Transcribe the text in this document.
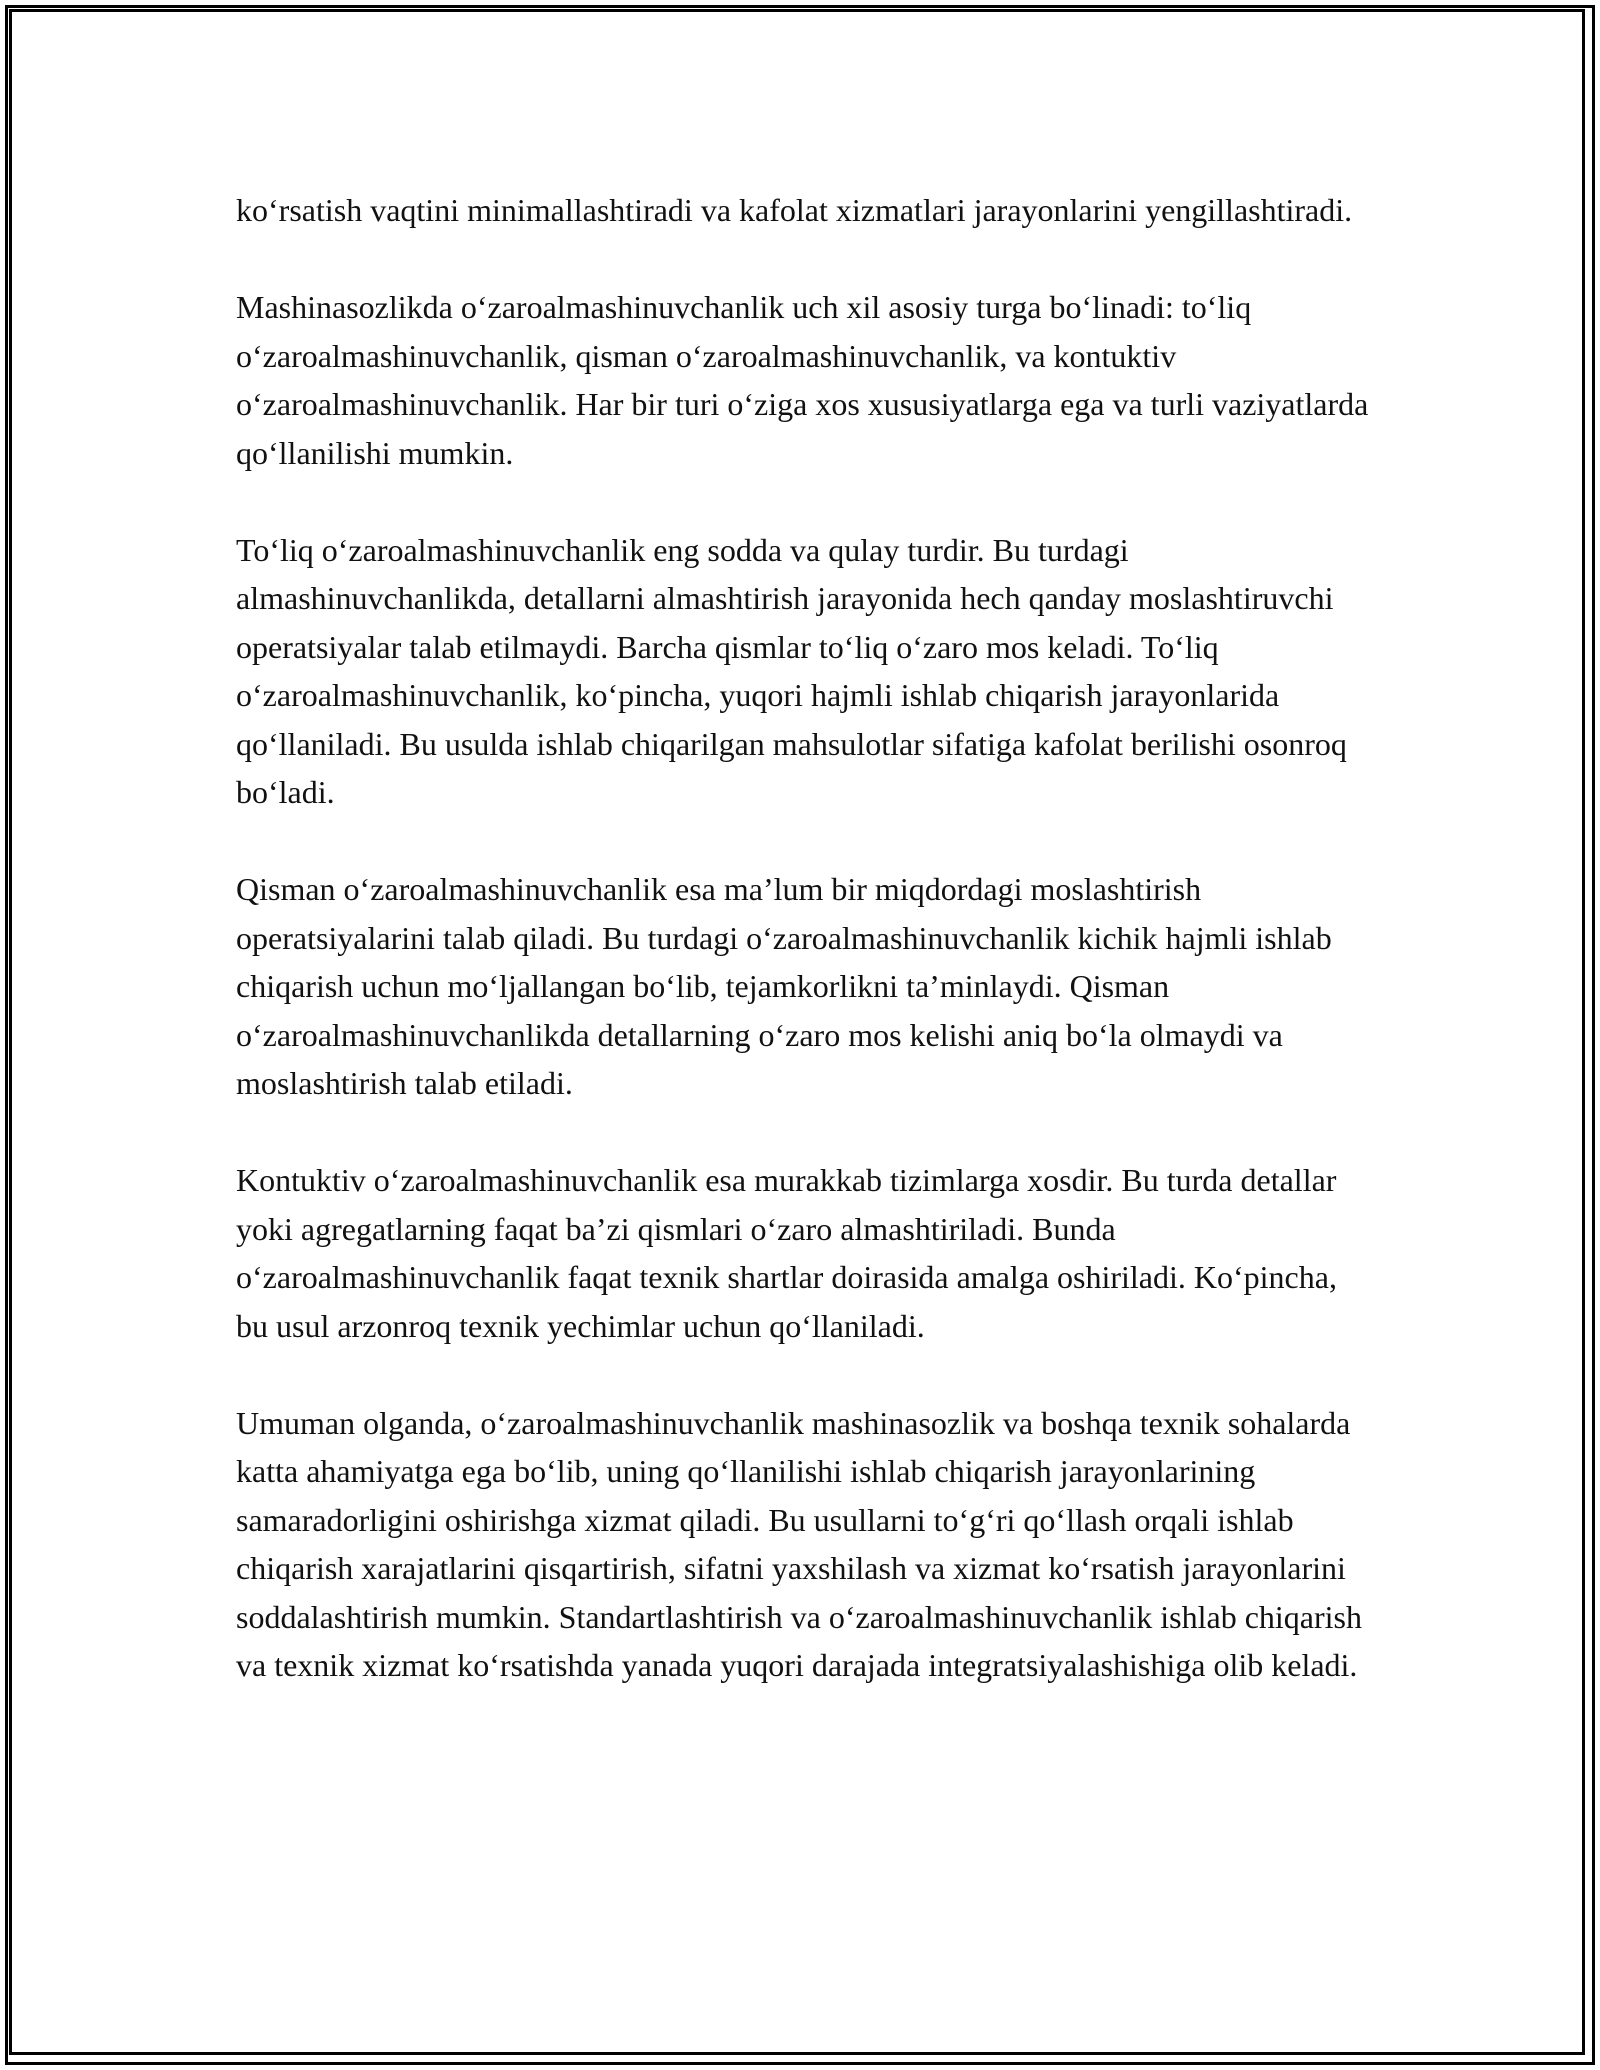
ko‘rsatish vaqtini minimallashtiradi va kafolat xizmatlari jarayonlarini yengillashtiradi.

Mashinasozlikda o‘zaroalmashinuvchanlik uch xil asosiy turga bo‘linadi: to‘liq o‘zaroalmashinuvchanlik, qisman o‘zaroalmashinuvchanlik, va kontuktiv o‘zaroalmashinuvchanlik. Har bir turi o‘ziga xos xususiyatlarga ega va turli vaziyatlarda qo‘llanilishi mumkin.

To‘liq o‘zaroalmashinuvchanlik eng sodda va qulay turdir. Bu turdagi almashinuvchanlikda, detallarni almashtirish jarayonida hech qanday moslashtiruvchi operatsiyalar talab etilmaydi. Barcha qismlar to‘liq o‘zaro mos keladi. To‘liq o‘zaroalmashinuvchanlik, ko‘pincha, yuqori hajmli ishlab chiqarish jarayonlarida qo‘llaniladi. Bu usulda ishlab chiqarilgan mahsulotlar sifatiga kafolat berilishi osonroq bo‘ladi.

Qisman o‘zaroalmashinuvchanlik esa ma’lum bir miqdordagi moslashtirish operatsiyalarini talab qiladi. Bu turdagi o‘zaroalmashinuvchanlik kichik hajmli ishlab chiqarish uchun mo‘ljallangan bo‘lib, tejamkorlikni ta’minlaydi. Qisman o‘zaroalmashinuvchanlikda detallarning o‘zaro mos kelishi aniq bo‘la olmaydi va moslashtirish talab etiladi.

Kontuktiv o‘zaroalmashinuvchanlik esa murakkab tizimlarga xosdir. Bu turda detallar yoki agregatlarning faqat ba’zi qismlari o‘zaro almashtiriladi. Bunda o‘zaroalmashinuvchanlik faqat texnik shartlar doirasida amalga oshiriladi. Ko‘pincha, bu usul arzonroq texnik yechimlar uchun qo‘llaniladi.

Umuman olganda, o‘zaroalmashinuvchanlik mashinasozlik va boshqa texnik sohalarda katta ahamiyatga ega bo‘lib, uning qo‘llanilishi ishlab chiqarish jarayonlarining samaradorligini oshirishga xizmat qiladi. Bu usullarni to‘g‘ri qo‘llash orqali ishlab chiqarish xarajatlarini qisqartirish, sifatni yaxshilash va xizmat ko‘rsatish jarayonlarini soddalashtirish mumkin. Standartlashtirish va o‘zaroalmashinuvchanlik ishlab chiqarish va texnik xizmat ko‘rsatishda yanada yuqori darajada integratsiyalashishiga olib keladi.
